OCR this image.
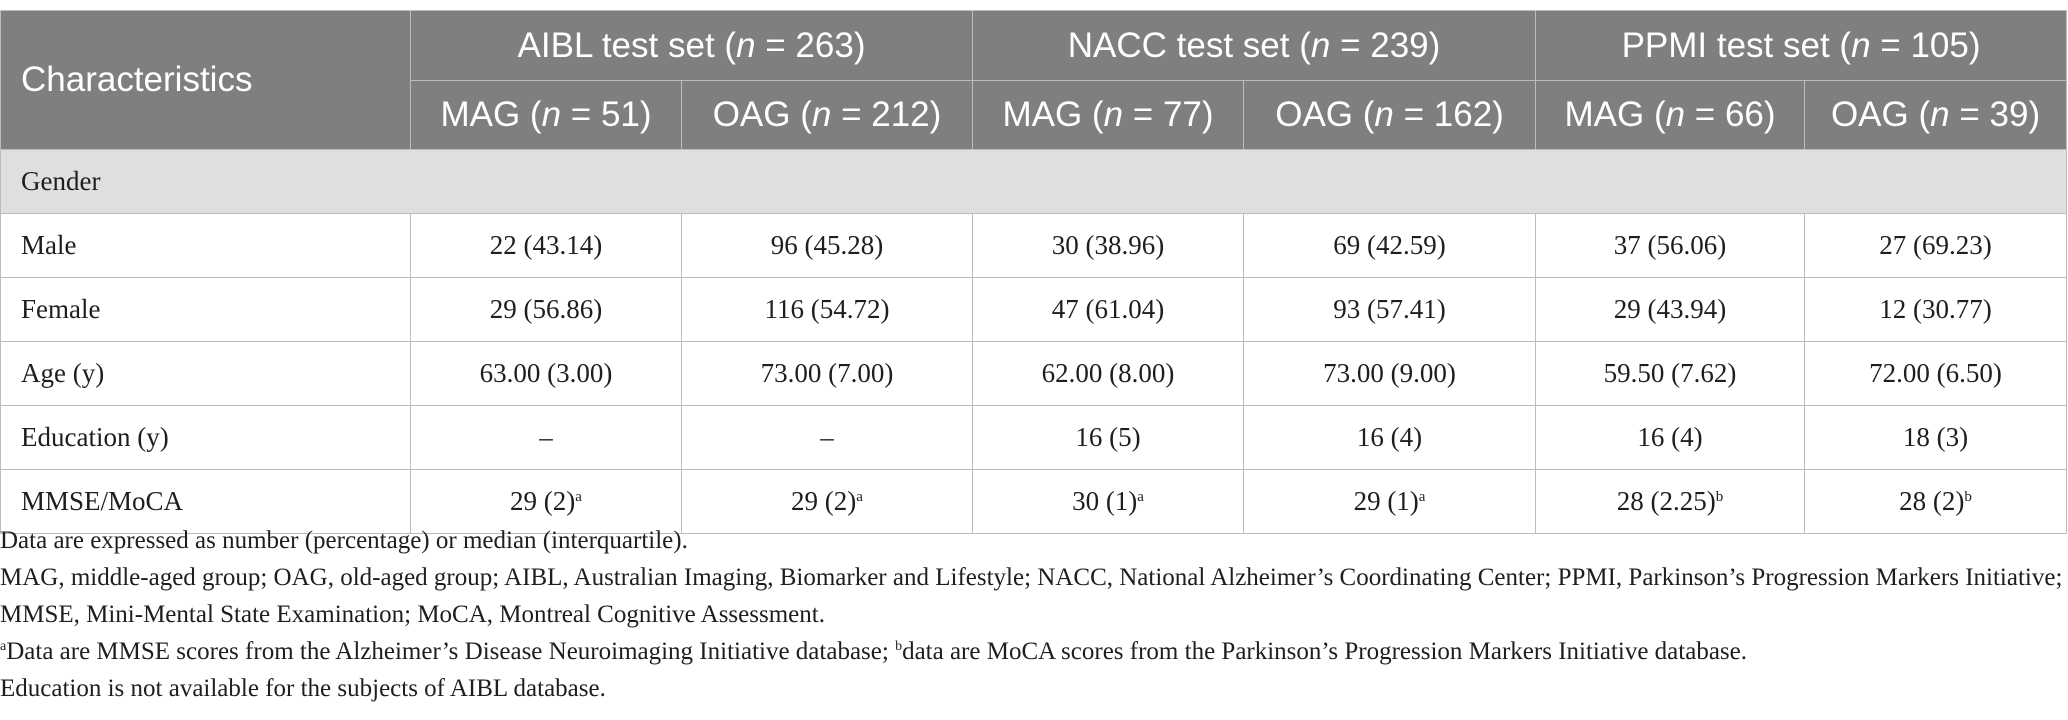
Characteristics	AIBL test set (n = 263)		NACC test set (n = 239)		PPMI test set (n = 105)	
	MAG (n = 51)	OAG (n = 212)	MAG (n = 77)	OAG (n = 162)	MAG (n = 66)	OAG (n = 39)
Gender						
Male	22 (43.14)	96 (45.28)	30 (38.96)	69 (42.59)	37 (56.06)	27 (69.23)
Female	29 (56.86)	116 (54.72)	47 (61.04)	93 (57.41)	29 (43.94)	12 (30.77)
Age (y)	63.00 (3.00)	73.00 (7.00)	62.00 (8.00)	73.00 (9.00)	59.50 (7.62)	72.00 (6.50)
Education (y)	–	–	16 (5)	16 (4)	16 (4)	18 (3)
MMSE/MoCA	29 (2)$^a$	29 (2)$^a$	30 (1)$^a$	29 (1)$^a$	28 (2.25)$^b$	28 (2)$^b$
Data are expressed as number (percentage) or median (interquartile).
MAG, middle-aged group; OAG, old-aged group; AIBL, Australian Imaging, Biomarker and Lifestyle; NACC, National Alzheimer’s Coordinating Center; PPMI, Parkinson’s Progression Markers Initiative; MMSE, Mini-Mental State Examination; MoCA, Montreal Cognitive Assessment.
$^a$Data are MMSE scores from the Alzheimer’s Disease Neuroimaging Initiative database; $^b$data are MoCA scores from the Parkinson’s Progression Markers Initiative database.
Education is not available for the subjects of AIBL database.
